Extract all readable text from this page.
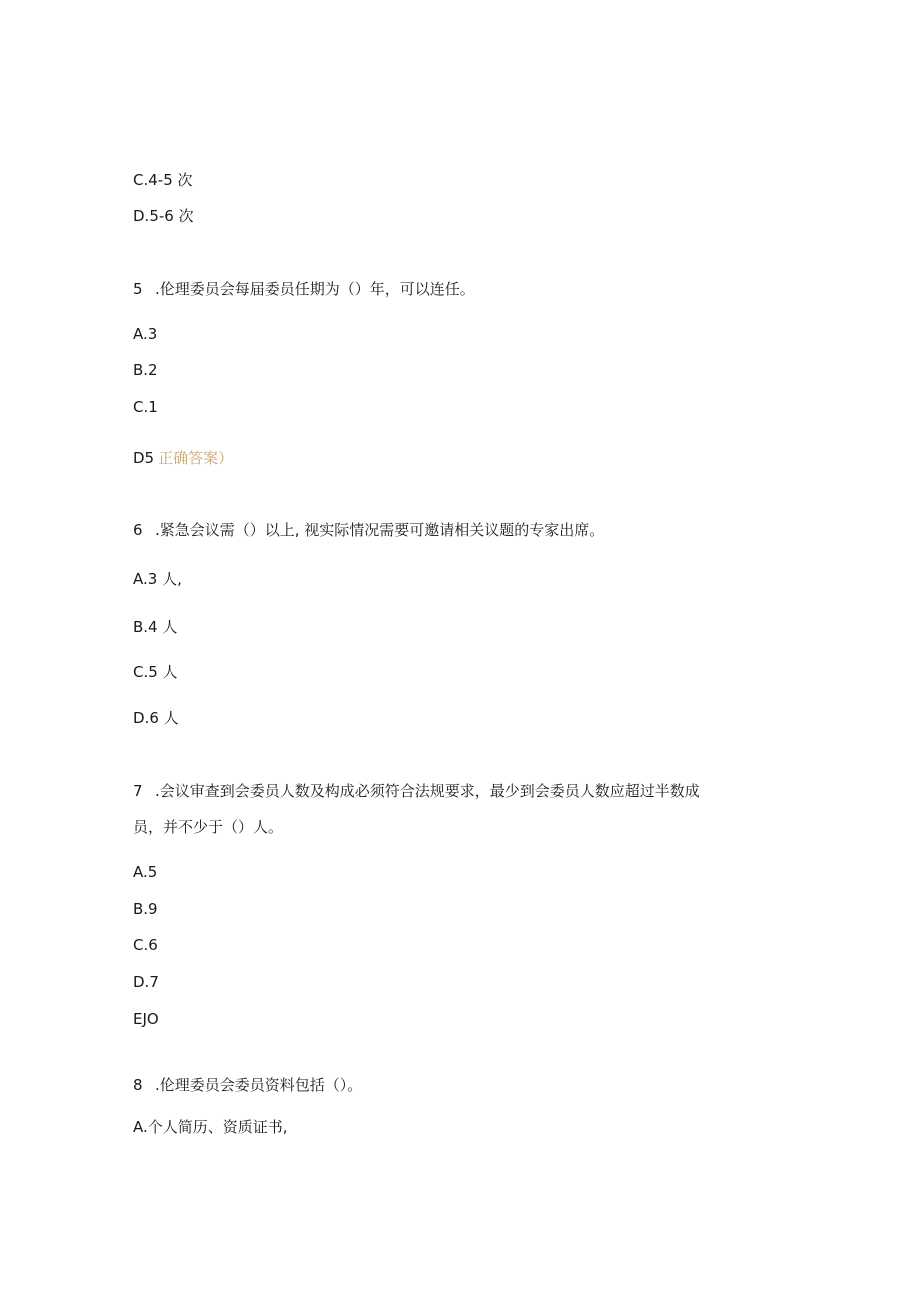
C.4-5 次

D.5-6 次

5 .伦理委员会每届委员任期为（）年，可以连任。

A.3

B.2

C.1

D5 正确答案）

6 .紧急会议需（）以上, 视实际情况需要可邀请相关议题的专家出席。

A.3 人,

B.4 人

C.5 人

D.6 人

7 .会议审查到会委员人数及构成必须符合法规要求，最少到会委员人数应超过半数成

员，并不少于（）人。

A.5

B.9

C.6

D.7

EJO

8 .伦理委员会委员资料包括（）。

A.个人简历、资质证书,
